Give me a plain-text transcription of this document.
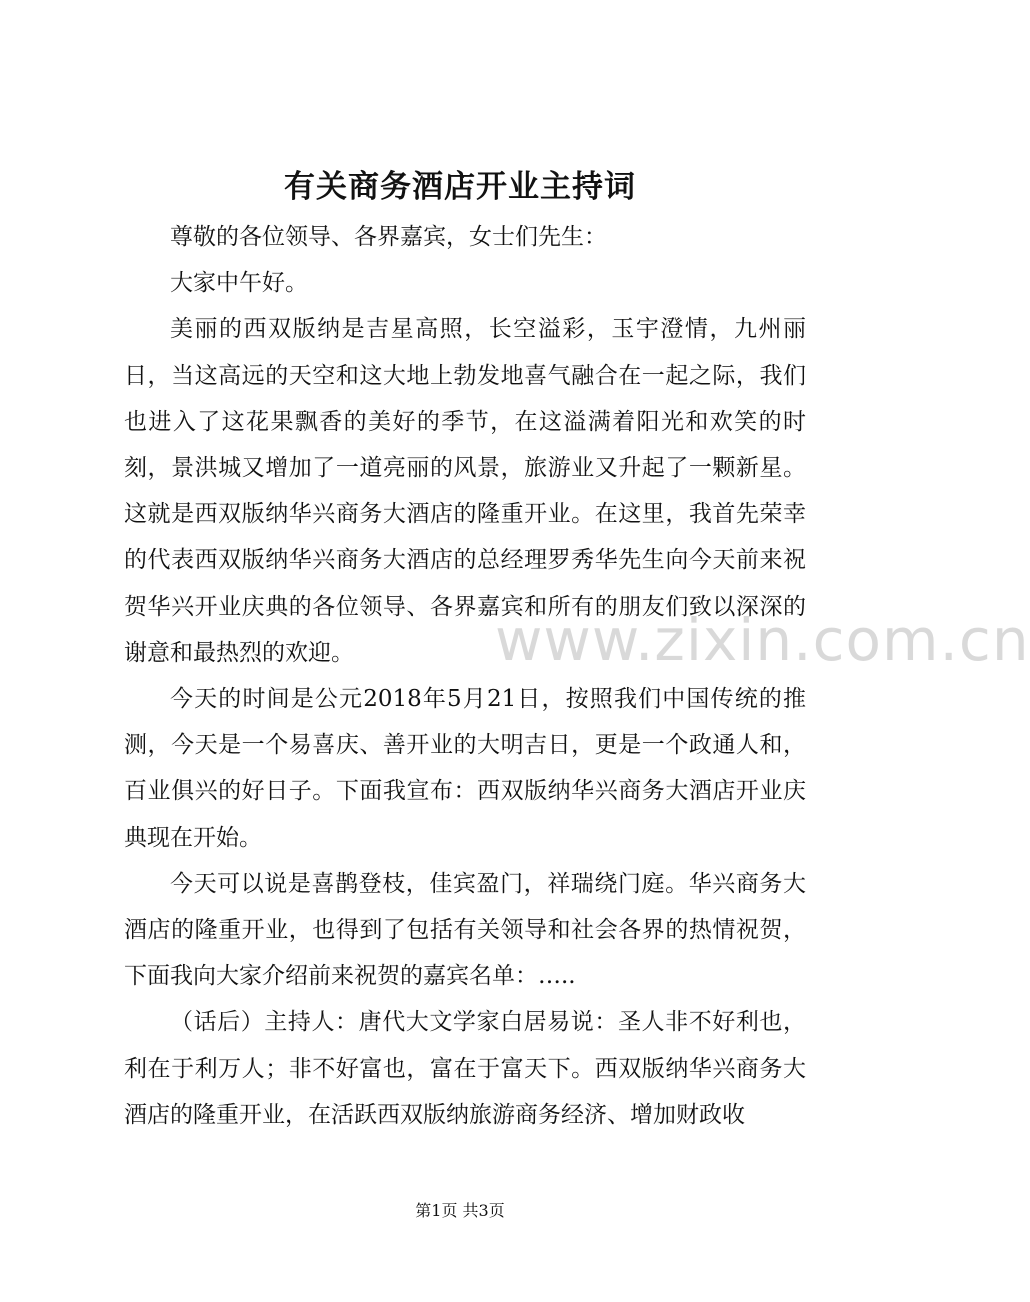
有关商务酒店开业主持词

尊敬的各位领导、各界嘉宾，女士们先生：

大家中午好。

美丽的西双版纳是吉星高照，长空溢彩，玉宇澄情，九州丽日，当这高远的天空和这大地上勃发地喜气融合在一起之际，我们也进入了这花果飘香的美好的季节，在这溢满着阳光和欢笑的时刻，景洪城又增加了一道亮丽的风景，旅游业又升起了一颗新星。这就是西双版纳华兴商务大酒店的隆重开业。在这里，我首先荣幸的代表西双版纳华兴商务大酒店的总经理罗秀华先生向今天前来祝贺华兴开业庆典的各位领导、各界嘉宾和所有的朋友们致以深深的谢意和最热烈的欢迎。

今天的时间是公元2018年5月21日，按照我们中国传统的推测，今天是一个易喜庆、善开业的大明吉日，更是一个政通人和，百业俱兴的好日子。下面我宣布：西双版纳华兴商务大酒店开业庆典现在开始。

今天可以说是喜鹊登枝，佳宾盈门，祥瑞绕门庭。华兴商务大酒店的隆重开业，也得到了包括有关领导和社会各界的热情祝贺，下面我向大家介绍前来祝贺的嘉宾名单：…..

（话后）主持人：唐代大文学家白居易说：圣人非不好利也，利在于利万人；非不好富也，富在于富天下。西双版纳华兴商务大酒店的隆重开业，在活跃西双版纳旅游商务经济、增加财政收

www.zixin.com.cn
第1页 共3页
